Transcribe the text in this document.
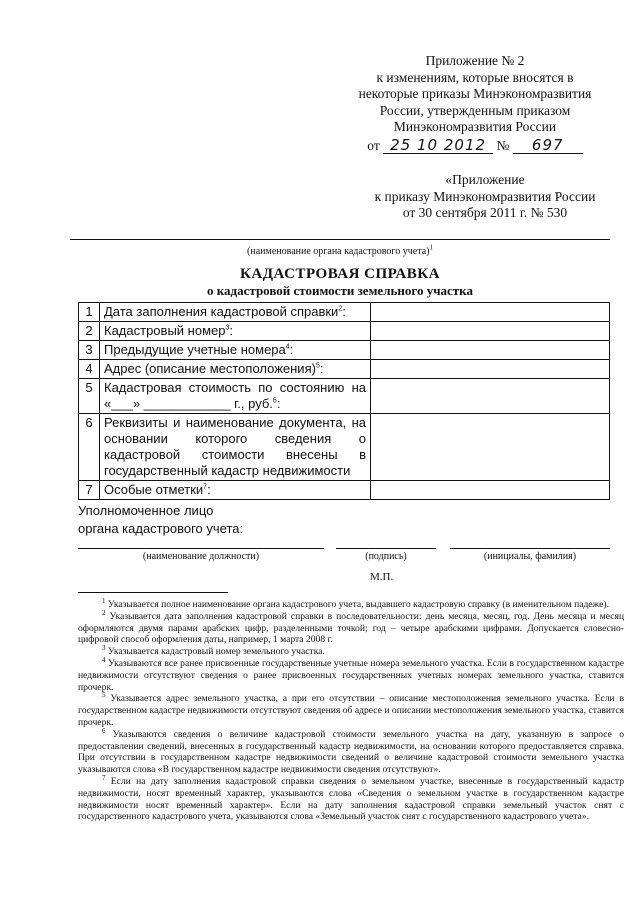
Приложение № 2
к изменениям, которые вносятся в
некоторые приказы Минэкономразвития
России, утвержденным приказом
Минэкономразвития России
от 25 10 2012 № 697
«Приложение
к приказу Минэкономразвития России
от 30 сентября 2011 г. № 530
(наименование органа кадастрового учета)$^1$
КАДАСТРОВАЯ СПРАВКА
о кадастровой стоимости земельного участка
1	Дата заполнения кадастровой справки$^2$:	
2	Кадастровый номер$^3$:	
3	Предыдущие учетные номера$^4$:	
4	Адрес (описание местоположения)$^5$:	
5	Кадастровая стоимость по состоянию на «___» ____________ г., руб.$^6$:	
6	Реквизиты и наименование документа, на основании которого сведения о кадастровой стоимости внесены в государственный кадастр недвижимости	
7	Особые отметки$^7$:	
Уполномоченное лицо
органа кадастрового учета:
(наименование должности)	(подпись)	(инициалы, фамилия)
М.П.

$^1$ Указывается полное наименование органа кадастрового учета, выдавшего кадастровую справку (в именительном падеже).

$^2$ Указывается дата заполнения кадастровой справки в последовательности: день месяца, месяц, год. День месяца и месяц оформляются двумя парами арабских цифр, разделенными точкой; год – четыре арабскими цифрами. Допускается словесно-цифровой способ оформления даты, например, 1 марта 2008 г.

$^3$ Указывается кадастровый номер земельного участка.

$^4$ Указываются все ранее присвоенные государственные учетные номера земельного участка. Если в государственном кадастре недвижимости отсутствуют сведения о ранее присвоенных государственных учетных номерах земельного участка, ставится прочерк.

$^5$ Указывается адрес земельного участка, а при его отсутствии – описание местоположения земельного участка. Если в государственном кадастре недвижимости отсутствуют сведения об адресе и описании местоположения земельного участка, ставится прочерк.

$^6$ Указываются сведения о величине кадастровой стоимости земельного участка на дату, указанную в запросе о предоставлении сведений, внесенных в государственный кадастр недвижимости, на основании которого предоставляется справка. При отсутствии в государственном кадастре недвижимости сведений о величине кадастровой стоимости земельного участка указываются слова «В государственном кадастре недвижимости сведения отсутствуют».

$^7$ Если на дату заполнения кадастровой справки сведения о земельном участке, внесенные в государственный кадастр недвижимости, носят временный характер, указываются слова «Сведения о земельном участке в государственном кадастре недвижимости носят временный характер». Если на дату заполнения кадастровой справки земельный участок снят с государственного кадастрового учета, указываются слова «Земельный участок снят с государственного кадастрового учета».
